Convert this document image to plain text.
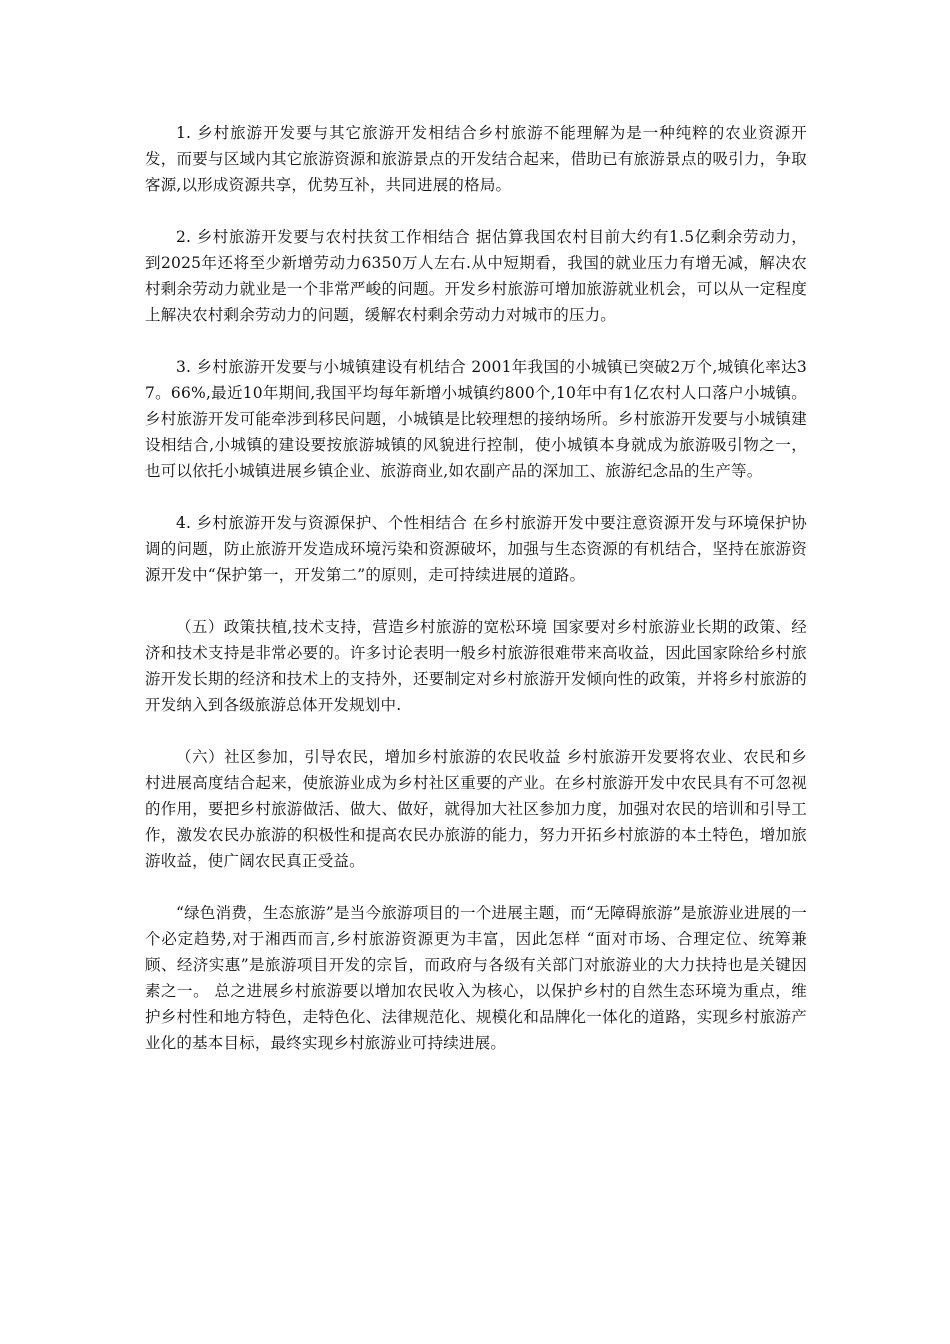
1. 乡村旅游开发要与其它旅游开发相结合乡村旅游不能理解为是一种纯粹的农业资源开发，而要与区域内其它旅游资源和旅游景点的开发结合起来，借助已有旅游景点的吸引力，争取客源,以形成资源共享，优势互补，共同进展的格局。

2. 乡村旅游开发要与农村扶贫工作相结合 据估算我国农村目前大约有1.5亿剩余劳动力，到2025年还将至少新增劳动力6350万人左右.从中短期看，我国的就业压力有增无减，解决农村剩余劳动力就业是一个非常严峻的问题。开发乡村旅游可增加旅游就业机会，可以从一定程度上解决农村剩余劳动力的问题，缓解农村剩余劳动力对城市的压力。

3. 乡村旅游开发要与小城镇建设有机结合 2001年我国的小城镇已突破2万个,城镇化率达37。66%,最近10年期间,我国平均每年新增小城镇约800个,10年中有1亿农村人口落户小城镇。乡村旅游开发可能牵涉到移民问题，小城镇是比较理想的接纳场所。乡村旅游开发要与小城镇建设相结合,小城镇的建设要按旅游城镇的风貌进行控制，使小城镇本身就成为旅游吸引物之一，也可以依托小城镇进展乡镇企业、旅游商业,如农副产品的深加工、旅游纪念品的生产等。

4. 乡村旅游开发与资源保护、个性相结合 在乡村旅游开发中要注意资源开发与环境保护协调的问题，防止旅游开发造成环境污染和资源破坏，加强与生态资源的有机结合，坚持在旅游资源开发中“保护第一，开发第二”的原则，走可持续进展的道路。

（五）政策扶植,技术支持，营造乡村旅游的宽松环境 国家要对乡村旅游业长期的政策、经济和技术支持是非常必要的。许多讨论表明一般乡村旅游很难带来高收益，因此国家除给乡村旅游开发长期的经济和技术上的支持外，还要制定对乡村旅游开发倾向性的政策，并将乡村旅游的开发纳入到各级旅游总体开发规划中.

（六）社区参加，引导农民，增加乡村旅游的农民收益 乡村旅游开发要将农业、农民和乡村进展高度结合起来，使旅游业成为乡村社区重要的产业。在乡村旅游开发中农民具有不可忽视的作用，要把乡村旅游做活、做大、做好，就得加大社区参加力度，加强对农民的培训和引导工作，激发农民办旅游的积极性和提高农民办旅游的能力，努力开拓乡村旅游的本土特色，增加旅游收益，使广阔农民真正受益。

“绿色消费，生态旅游”是当今旅游项目的一个进展主题，而“无障碍旅游”是旅游业进展的一个必定趋势,对于湘西而言,乡村旅游资源更为丰富，因此怎样 “面对市场、合理定位、统筹兼顾、经济实惠”是旅游项目开发的宗旨，而政府与各级有关部门对旅游业的大力扶持也是关键因素之一。 总之进展乡村旅游要以增加农民收入为核心，以保护乡村的自然生态环境为重点，维护乡村性和地方特色，走特色化、法律规范化、规模化和品牌化一体化的道路，实现乡村旅游产业化的基本目标，最终实现乡村旅游业可持续进展。
